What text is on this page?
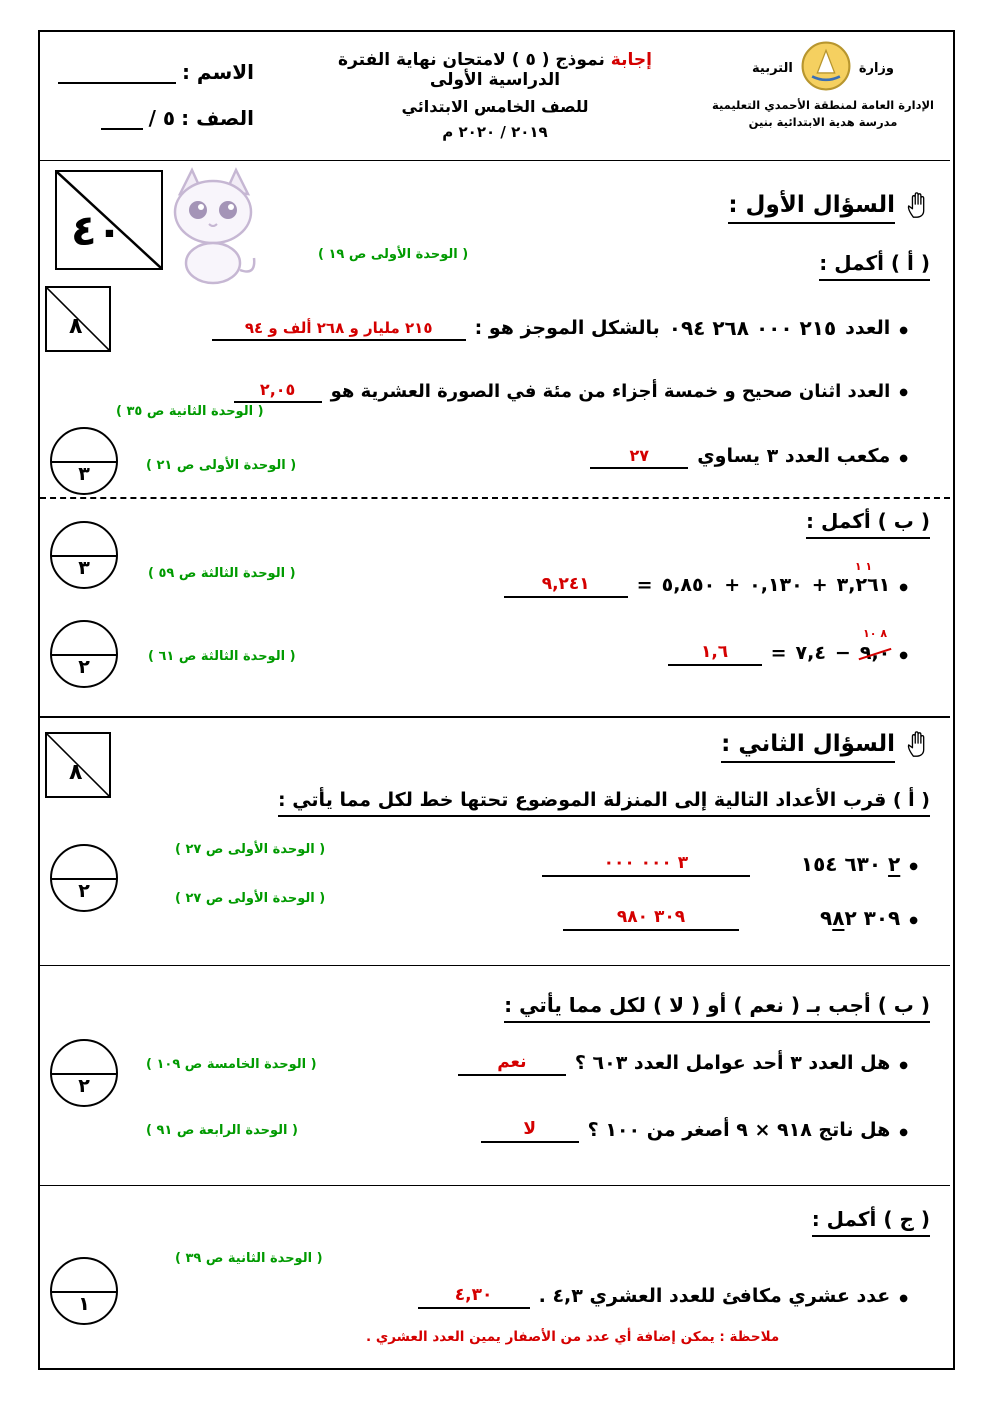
وزارة
التربية
الإدارة العامة لمنطقة الأحمدي التعليمية
مدرسة هدية الابتدائية بنين
إجابة نموذج ( ٥ ) لامتحان نهاية الفترة الدراسية الأولى
للصف الخامس الابتدائي
٢٠١٩ / ٢٠٢٠ م
الاسم :
الصف :
٥ /
٤٠
السؤال الأول :
( أ ) أكمل :
( الوحدة الأولى ص ١٩ )
٨	●
العدد
٢١٥ ٠٠٠ ٢٦٨ ٠٩٤
بالشكل الموجز هو :
٢١٥ مليار و ٢٦٨ ألف و ٩٤
●
العدد اثنان صحيح و خمسة أجزاء من مئة في الصورة العشرية هو
٢,٠٥
( الوحدة الثانية ص ٣٥ )
٣	( الوحدة الأولى ص ٢١ )	●
مكعب العدد ٣ يساوي
٢٧
( ب ) أكمل :
٣	( الوحدة الثالثة ص ٥٩ )
●
١ ١
٣,٢٦١
+
٠,١٣٠
+
٥,٨٥٠
=
٩,٢٤١
٢	( الوحدة الثالثة ص ٦١ )	●
٨ ١٠
٩,٠
−
٧,٤
=
١,٦
السؤال الثاني :
٨
( أ ) قرب الأعداد التالية إلى المنزلة الموضوع تحتها خط لكل مما يأتي :
٢
( الوحدة الأولى ص ٢٧ )
●
٢ ٦٣٠ ١٥٤
٣ ٠٠٠ ٠٠٠
( الوحدة الأولى ص ٢٧ )
●
٣٠٩ ٩٨٢
٣٠٩ ٩٨٠
( ب ) أجب بـ ( نعم ) أو ( لا ) لكل مما يأتي :
٢
( الوحدة الخامسة ص ١٠٩ )	●
هل العدد ٣ أحد عوامل العدد ٦٠٣ ؟
نعم
( الوحدة الرابعة ص ٩١ )	●
هل ناتج ٩١٨ × ٩ أصغر من ١٠٠ ؟
لا
( ج ) أكمل :
١
( الوحدة الثانية ص ٣٩ )
●
عدد عشري مكافئ للعدد العشري ٤,٣ .
٤,٣٠
ملاحظة : يمكن إضافة أي عدد من الأصفار يمين العدد العشري .
